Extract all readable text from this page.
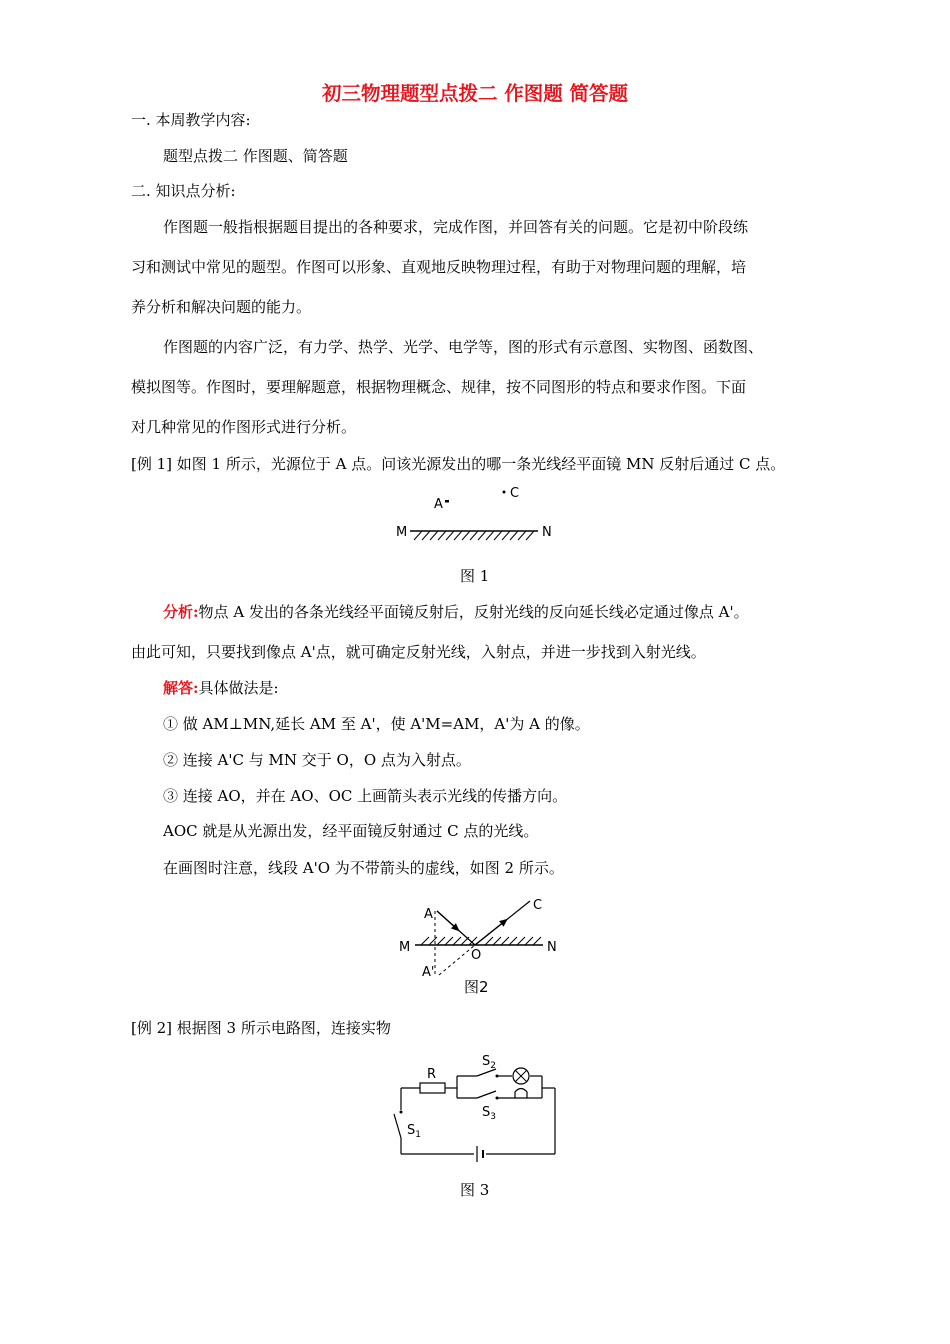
初三物理题型点拨二 作图题 简答题
一. 本周教学内容:
题型点拨二 作图题、简答题
二. 知识点分析:
作图题一般指根据题目提出的各种要求，完成作图，并回答有关的问题。它是初中阶段练
习和测试中常见的题型。作图可以形象、直观地反映物理过程，有助于对物理问题的理解，培
养分析和解决问题的能力。
作图题的内容广泛，有力学、热学、光学、电学等，图的形式有示意图、实物图、函数图、
模拟图等。作图时，要理解题意，根据物理概念、规律，按不同图形的特点和要求作图。下面
对几种常见的作图形式进行分析。
[例 1] 如图 1 所示，光源位于 A 点。问该光源发出的哪一条光线经平面镜 MN 反射后通过 C 点。
A
C
M	N
图 1
分析:物点 A 发出的各条光线经平面镜反射后，反射光线的反向延长线必定通过像点 A'。
由此可知，只要找到像点 A'点，就可确定反射光线，入射点，并进一步找到入射光线。
解答:具体做法是:
① 做 AM⊥MN,延长 AM 至 A'，使 A'M=AM，A'为 A 的像。
② 连接 A'C 与 MN 交于 O，O 点为入射点。
③ 连接 AO，并在 AO、OC 上画箭头表示光线的传播方向。
AOC 就是从光源出发，经平面镜反射通过 C 点的光线。
在画图时注意，线段 A'O 为不带箭头的虚线，如图 2 所示。
A
C
M	N
O
A'
图2
[例 2] 根据图 3 所示电路图，连接实物
R
$S_2$
$S_3$
$S_1$
图 3
